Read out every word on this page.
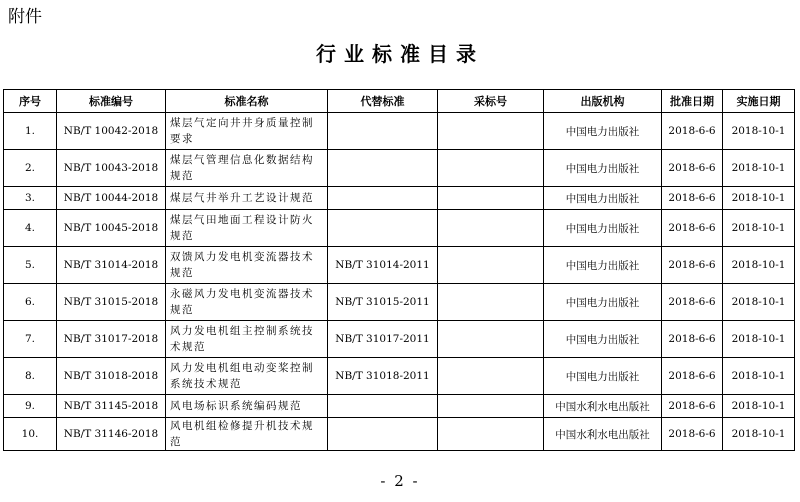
附件
行业标准目录
序号	标准编号	标准名称	代替标准	采标号	出版机构	批准日期	实施日期
1.	NB/T 10042-2018	煤层气定向井井身质量控制要求			中国电力出版社	2018-6-6	2018-10-1
2.	NB/T 10043-2018	煤层气管理信息化数据结构规范			中国电力出版社	2018-6-6	2018-10-1
3.	NB/T 10044-2018	煤层气井举升工艺设计规范			中国电力出版社	2018-6-6	2018-10-1
4.	NB/T 10045-2018	煤层气田地面工程设计防火规范			中国电力出版社	2018-6-6	2018-10-1
5.	NB/T 31014-2018	双馈风力发电机变流器技术规范	NB/T 31014-2011		中国电力出版社	2018-6-6	2018-10-1
6.	NB/T 31015-2018	永磁风力发电机变流器技术规范	NB/T 31015-2011		中国电力出版社	2018-6-6	2018-10-1
7.	NB/T 31017-2018	风力发电机组主控制系统技术规范	NB/T 31017-2011		中国电力出版社	2018-6-6	2018-10-1
8.	NB/T 31018-2018	风力发电机组电动变桨控制系统技术规范	NB/T 31018-2011		中国电力出版社	2018-6-6	2018-10-1
9.	NB/T 31145-2018	风电场标识系统编码规范			中国水利水电出版社	2018-6-6	2018-10-1
10.	NB/T 31146-2018	风电机组检修提升机技术规范			中国水利水电出版社	2018-6-6	2018-10-1
- 2 -
